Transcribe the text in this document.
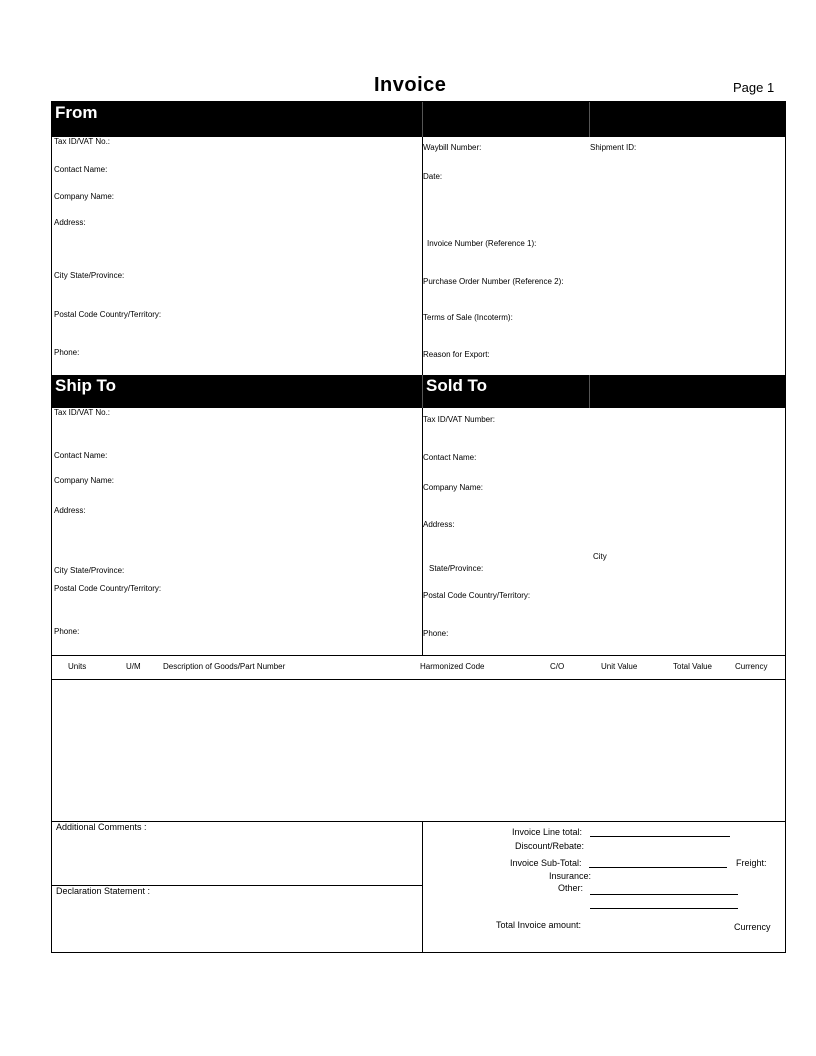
Invoice	Page 1
From
Tax ID/VAT No.:
Contact Name:
Company Name:
Address:
City State/Province:
Postal Code Country/Territory:
Phone:
Waybill Number:	Shipment ID:
Date:
Invoice Number (Reference 1):
Purchase Order Number (Reference 2):
Terms of Sale (Incoterm):
Reason for Export:
Ship To	Sold To
Tax ID/VAT No.:
Contact Name:
Company Name:
Address:
City State/Province:
Postal Code Country/Territory:
Phone:
Tax ID/VAT Number:
Contact Name:
Company Name:
Address:
City
State/Province:
Postal Code Country/Territory:
Phone:
Units	U/M	Description of Goods/Part Number	Harmonized Code	C/O	Unit Value	Total Value	Currency
Additional Comments :
Declaration Statement :
Invoice Line total:
Discount/Rebate:
Invoice Sub-Total:	Freight:
Insurance:
Other:
Total Invoice amount:	Currency
